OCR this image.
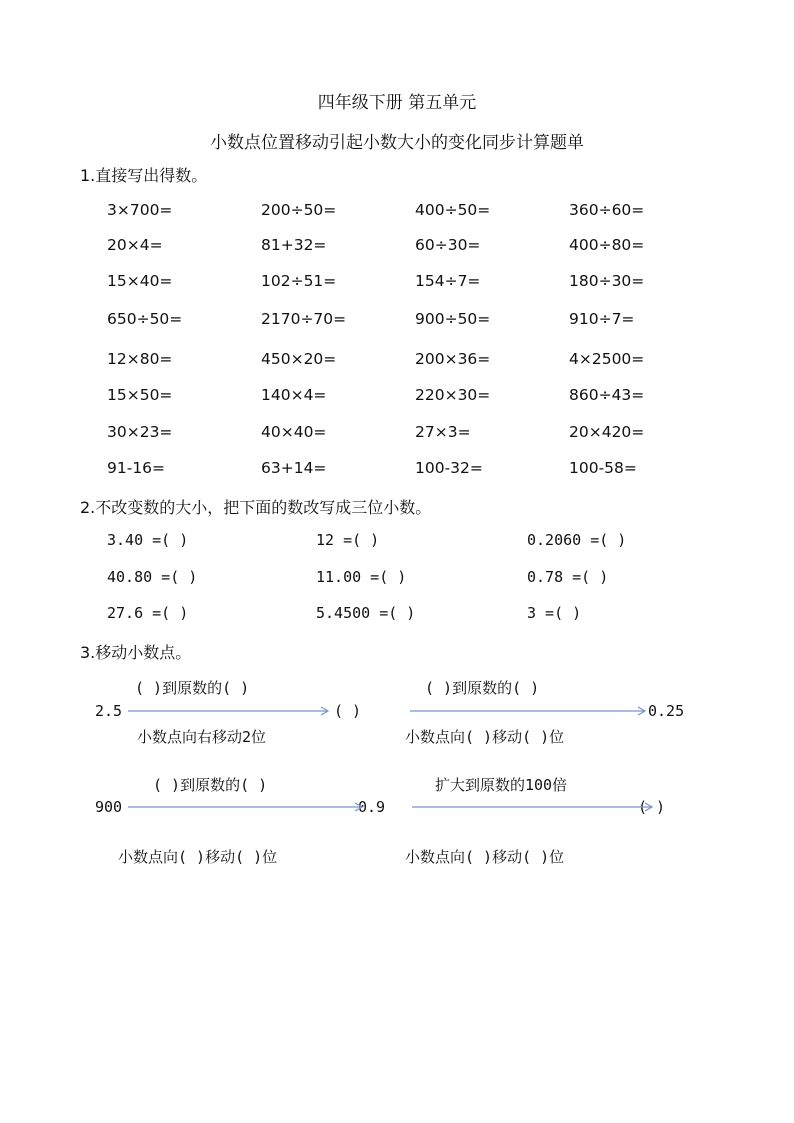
四年级下册 第五单元
小数点位置移动引起小数大小的变化同步计算题单
1.直接写出得数。
3×700=	200÷50=	400÷50=	360÷60=
20×4=	81+32=	60÷30=	400÷80=
15×40=	102÷51=	154÷7=	180÷30=
650÷50=	2170÷70=	900÷50=	910÷7=
12×80=	450×20=	200×36=	4×2500=
15×50=	140×4=	220×30=	860÷43=
30×23=	40×40=	27×3=	20×420=
91-16=	63+14=	100-32=	100-58=
2.不改变数的大小，把下面的数改写成三位小数。
3.40 =( )	12 =( )	0.2060 =( )
40.80 =( )	11.00 =( )	0.78 =( )
27.6 =( )	5.4500 =( )	3 =( )
3.移动小数点。
( )到原数的( )
2.5	( )
小数点向右移动2位
( )到原数的( )
0.25
小数点向( )移动( )位
( )到原数的( )
900	0.9
小数点向( )移动( )位
扩大到原数的100倍
( )
小数点向( )移动( )位
